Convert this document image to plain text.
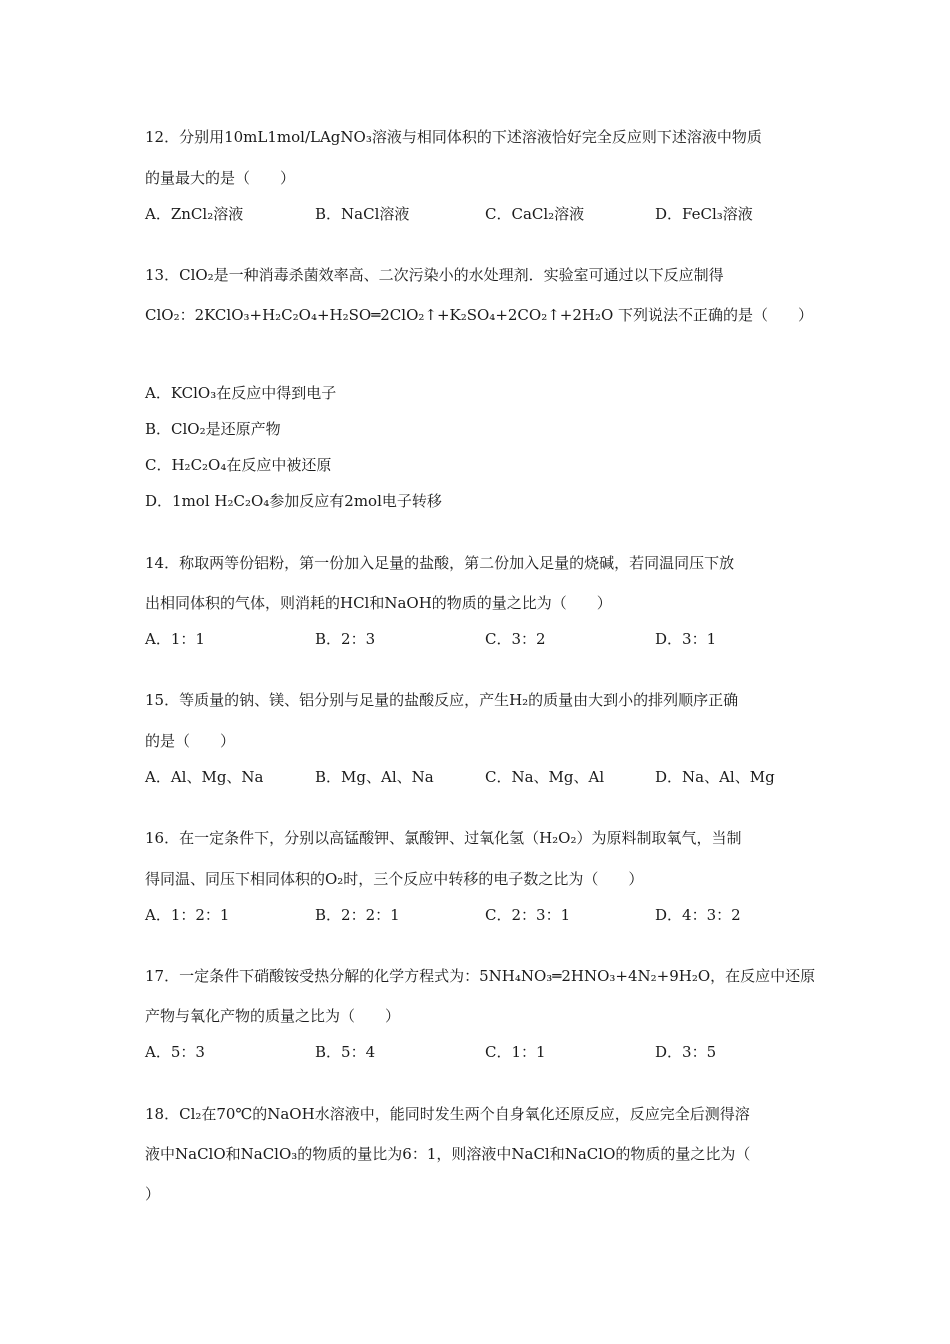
12．分别用10mL1mol/LAgNO₃溶液与相同体积的下述溶液恰好完全反应则下述溶液中物质
的量最大的是（　　）
A．ZnCl₂溶液	B．NaCl溶液	C．CaCl₂溶液	D．FeCl₃溶液
13．ClO₂是一种消毒杀菌效率高、二次污染小的水处理剂．实验室可通过以下反应制得
ClO₂：2KClO₃+H₂C₂O₄+H₂SO═2ClO₂↑+K₂SO₄+2CO₂↑+2H₂O 下列说法不正确的是（　　）
A．KClO₃在反应中得到电子
B．ClO₂是还原产物
C．H₂C₂O₄在反应中被还原
D．1mol H₂C₂O₄参加反应有2mol电子转移
14．称取两等份铝粉，第一份加入足量的盐酸，第二份加入足量的烧碱，若同温同压下放
出相同体积的气体，则消耗的HCl和NaOH的物质的量之比为（　　）
A．1：1	B．2：3	C．3：2	D．3：1
15．等质量的钠、镁、铝分别与足量的盐酸反应，产生H₂的质量由大到小的排列顺序正确
的是（　　）
A．Al、Mg、Na	B．Mg、Al、Na	C．Na、Mg、Al	D．Na、Al、Mg
16．在一定条件下，分别以高锰酸钾、氯酸钾、过氧化氢（H₂O₂）为原料制取氧气，当制
得同温、同压下相同体积的O₂时，三个反应中转移的电子数之比为（　　）
A．1：2：1	B．2：2：1	C．2：3：1	D．4：3：2
17．一定条件下硝酸铵受热分解的化学方程式为：5NH₄NO₃═2HNO₃+4N₂+9H₂O，在反应中还原
产物与氧化产物的质量之比为（　　）
A．5：3	B．5：4	C．1：1	D．3：5
18．Cl₂在70℃的NaOH水溶液中，能同时发生两个自身氧化还原反应，反应完全后测得溶
液中NaClO和NaClO₃的物质的量比为6：1，则溶液中NaCl和NaClO的物质的量之比为（
）
